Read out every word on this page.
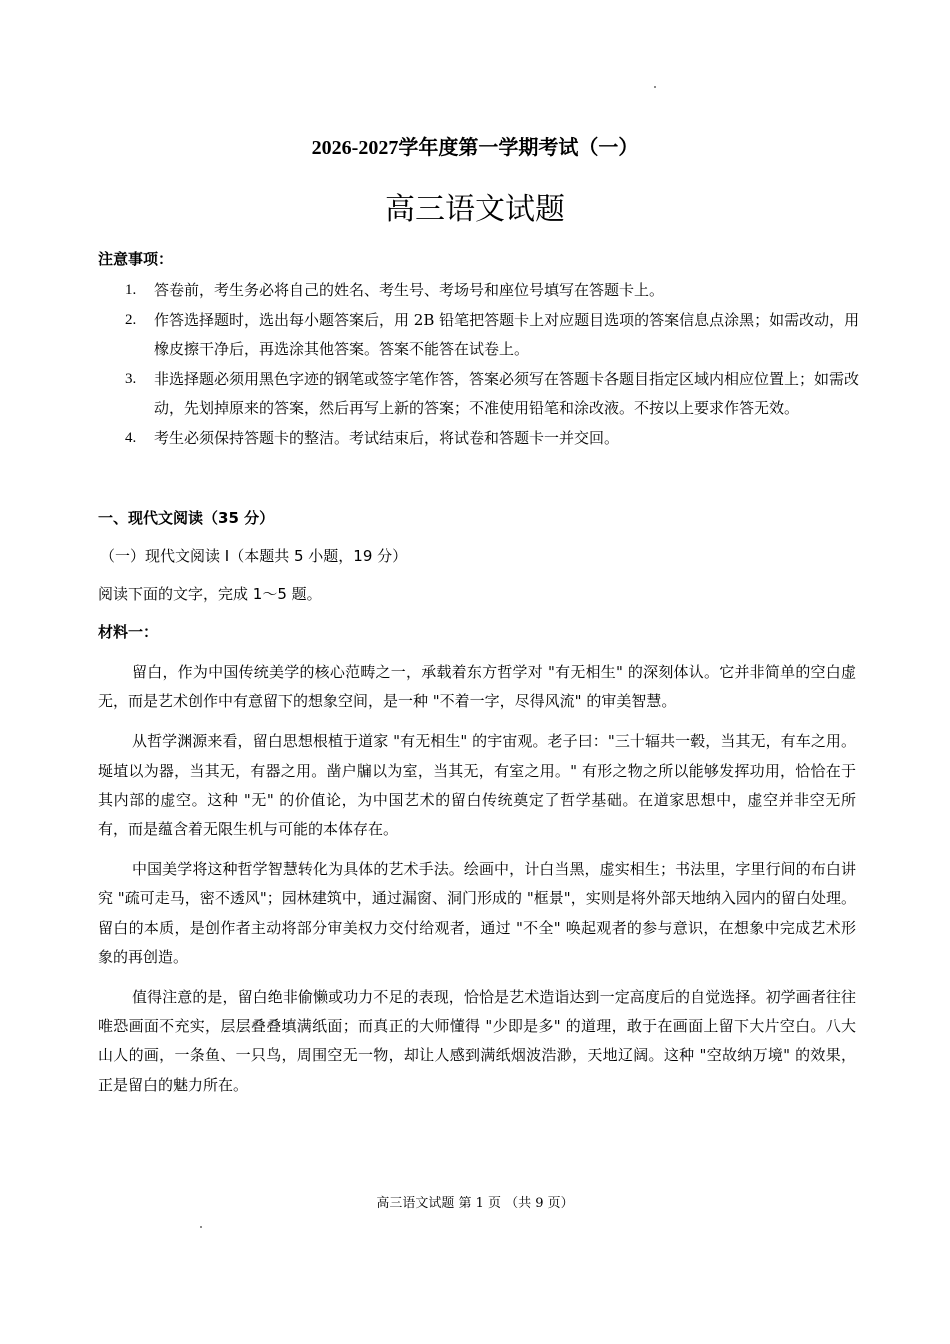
2026-2027学年度第一学期考试（一）
高三语文试题
注意事项：
1. 答卷前，考生务必将自己的姓名、考生号、考场号和座位号填写在答题卡上。
2. 作答选择题时，选出每小题答案后，用 2B 铅笔把答题卡上对应题目选项的答案信息点涂黑；如需改动，用橡皮擦干净后，再选涂其他答案。答案不能答在试卷上。
3. 非选择题必须用黑色字迹的钢笔或签字笔作答，答案必须写在答题卡各题目指定区域内相应位置上；如需改动，先划掉原来的答案，然后再写上新的答案；不准使用铅笔和涂改液。不按以上要求作答无效。
4. 考生必须保持答题卡的整洁。考试结束后，将试卷和答题卡一并交回。
一、现代文阅读（35 分）
（一）现代文阅读 Ⅰ（本题共 5 小题，19 分）
阅读下面的文字，完成 1～5 题。
材料一：

留白，作为中国传统美学的核心范畴之一，承载着东方哲学对 "有无相生" 的深刻体认。它并非简单的空白虚无，而是艺术创作中有意留下的想象空间，是一种 "不着一字，尽得风流" 的审美智慧。

从哲学渊源来看，留白思想根植于道家 "有无相生" 的宇宙观。老子曰："三十辐共一毂，当其无，有车之用。埏埴以为器，当其无，有器之用。凿户牖以为室，当其无，有室之用。" 有形之物之所以能够发挥功用，恰恰在于其内部的虚空。这种 "无" 的价值论，为中国艺术的留白传统奠定了哲学基础。在道家思想中，虚空并非空无所有，而是蕴含着无限生机与可能的本体存在。

中国美学将这种哲学智慧转化为具体的艺术手法。绘画中，计白当黑，虚实相生；书法里，字里行间的布白讲究 "疏可走马，密不透风"；园林建筑中，通过漏窗、洞门形成的 "框景"，实则是将外部天地纳入园内的留白处理。留白的本质，是创作者主动将部分审美权力交付给观者，通过 "不全" 唤起观者的参与意识，在想象中完成艺术形象的再创造。

值得注意的是，留白绝非偷懒或功力不足的表现，恰恰是艺术造诣达到一定高度后的自觉选择。初学画者往往唯恐画面不充实，层层叠叠填满纸面；而真正的大师懂得 "少即是多" 的道理，敢于在画面上留下大片空白。八大山人的画，一条鱼、一只鸟，周围空无一物，却让人感到满纸烟波浩渺，天地辽阔。这种 "空故纳万境" 的效果，正是留白的魅力所在。

高三语文试题 第 1 页 （共 9 页）
